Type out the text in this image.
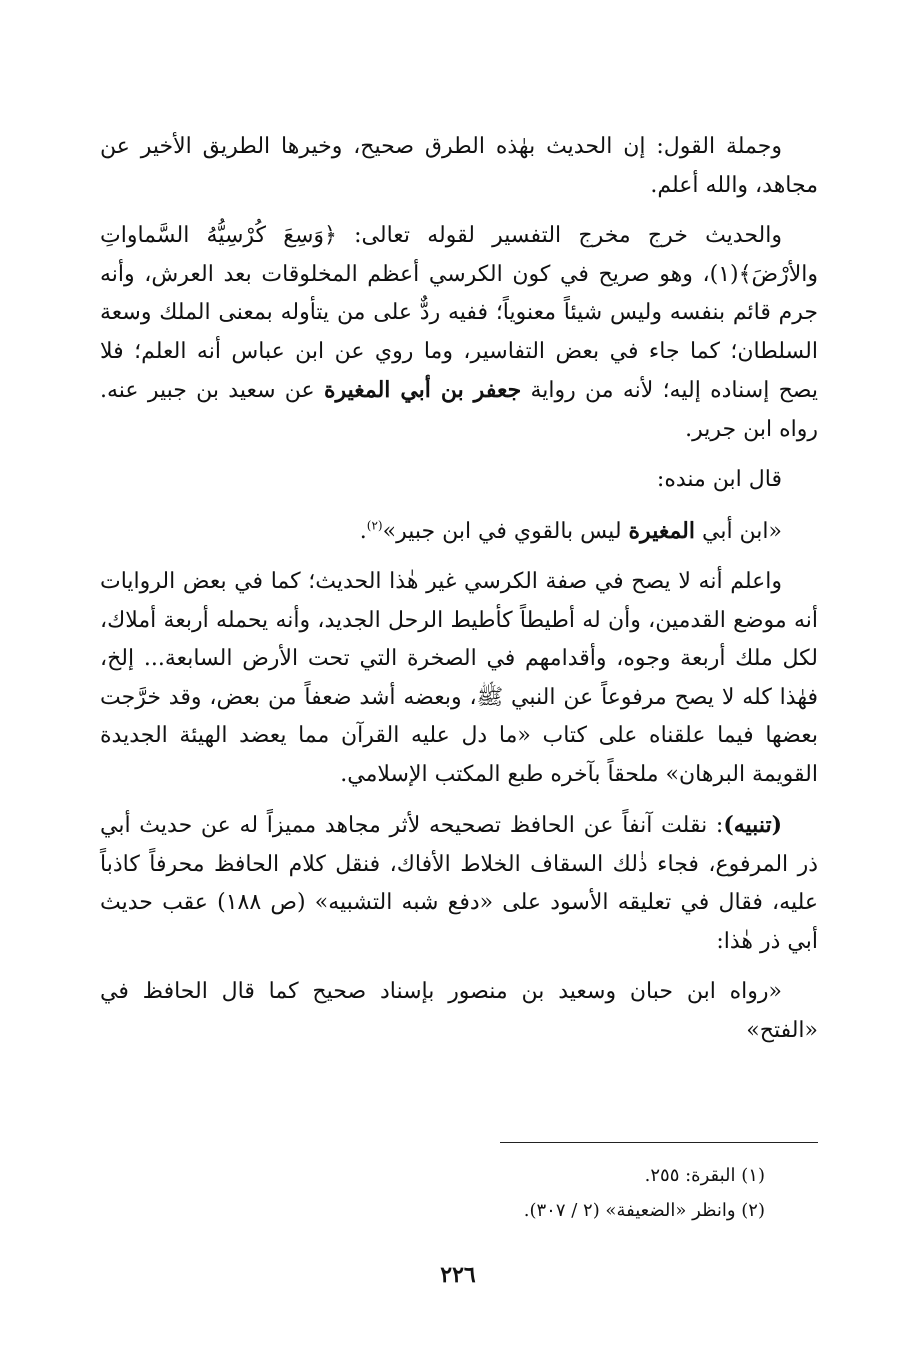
وجملة القول: إن الحديث بهٰذه الطرق صحيح، وخيرها الطريق الأخير عن مجاهد، والله أعلم.

والحديث خرج مخرج التفسير لقوله تعالى: ﴿وَسِعَ كُرْسِيُّهُ السَّماواتِ والأرْضَ﴾(١)، وهو صريح في كون الكرسي أعظم المخلوقات بعد العرش، وأنه جرم قائم بنفسه وليس شيئاً معنوياً؛ ففيه ردٌّ على من يتأوله بمعنى الملك وسعة السلطان؛ كما جاء في بعض التفاسير، وما روي عن ابن عباس أنه العلم؛ فلا يصح إسناده إليه؛ لأنه من رواية جعفر بن أبي المغيرة عن سعيد بن جبير عنه. رواه ابن جرير.

قال ابن منده:

«ابن أبي المغيرة ليس بالقوي في ابن جبير»$^{(٢)}$.

واعلم أنه لا يصح في صفة الكرسي غير هٰذا الحديث؛ كما في بعض الروايات أنه موضع القدمين، وأن له أطيطاً كأطيط الرحل الجديد، وأنه يحمله أربعة أملاك، لكل ملك أربعة وجوه، وأقدامهم في الصخرة التي تحت الأرض السابعة... إلخ، فهٰذا كله لا يصح مرفوعاً عن النبي ﷺ، وبعضه أشد ضعفاً من بعض، وقد خرَّجت بعضها فيما علقناه على كتاب «ما دل عليه القرآن مما يعضد الهيئة الجديدة القويمة البرهان» ملحقاً بآخره طبع المكتب الإسلامي.

(تنبيه): نقلت آنفاً عن الحافظ تصحيحه لأثر مجاهد مميزاً له عن حديث أبي ذر المرفوع، فجاء ذٰلك السقاف الخلاط الأفاك، فنقل كلام الحافظ محرفاً كاذباً عليه، فقال في تعليقه الأسود على «دفع شبه التشبيه» (ص ١٨٨) عقب حديث أبي ذر هٰذا:

«رواه ابن حبان وسعيد بن منصور بإسناد صحيح كما قال الحافظ في «الفتح»

(١) البقرة: ٢٥٥.

(٢) وانظر «الضعيفة» (٢ / ٣٠٧).

٢٢٦
